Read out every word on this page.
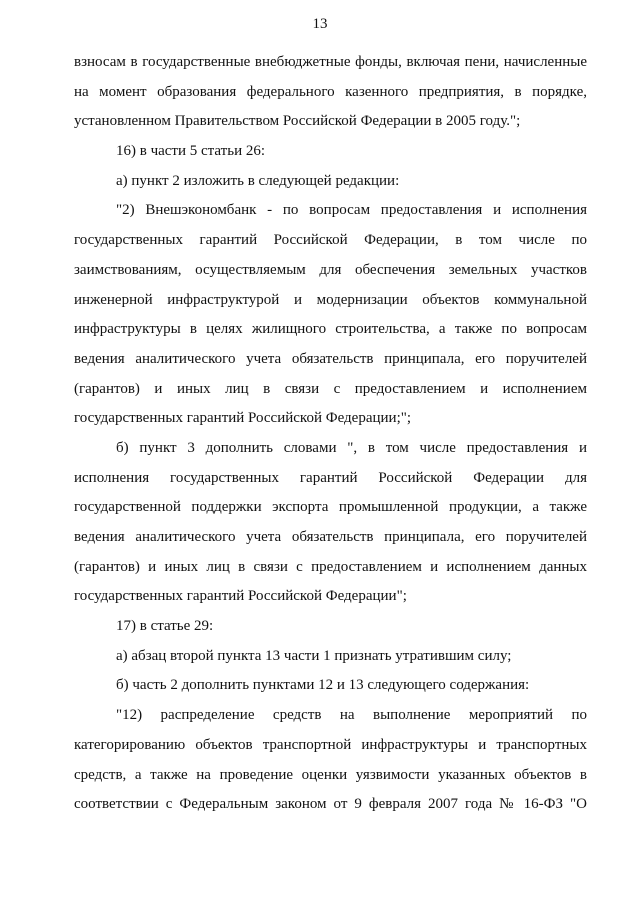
13
взносам в государственные внебюджетные фонды, включая пени, начисленные
на момент образования федерального казенного предприятия, в порядке,
установленном Правительством Российской Федерации в 2005 году.";
16) в части 5 статьи 26:
а) пункт 2 изложить в следующей редакции:
"2) Внешэкономбанк - по вопросам предоставления и исполнения
государственных гарантий Российской Федерации, в том числе по
заимствованиям, осуществляемым для обеспечения земельных участков
инженерной инфраструктурой и модернизации объектов коммунальной
инфраструктуры в целях жилищного строительства, а также по вопросам
ведения аналитического учета обязательств принципала, его поручителей
(гарантов) и иных лиц в связи с предоставлением и исполнением
государственных гарантий Российской Федерации;";
б) пункт 3 дополнить словами ", в том числе предоставления и
исполнения государственных гарантий Российской Федерации для
государственной поддержки экспорта промышленной продукции, а также
ведения аналитического учета обязательств принципала, его поручителей
(гарантов) и иных лиц в связи с предоставлением и исполнением данных
государственных гарантий Российской Федерации";
17) в статье 29:
а) абзац второй пункта 13 части 1 признать утратившим силу;
б) часть 2 дополнить пунктами 12 и 13 следующего содержания:
"12) распределение средств на выполнение мероприятий по
категорированию объектов транспортной инфраструктуры и транспортных
средств, а также на проведение оценки уязвимости указанных объектов в
соответствии с Федеральным законом от 9 февраля 2007 года № 16-ФЗ "О
